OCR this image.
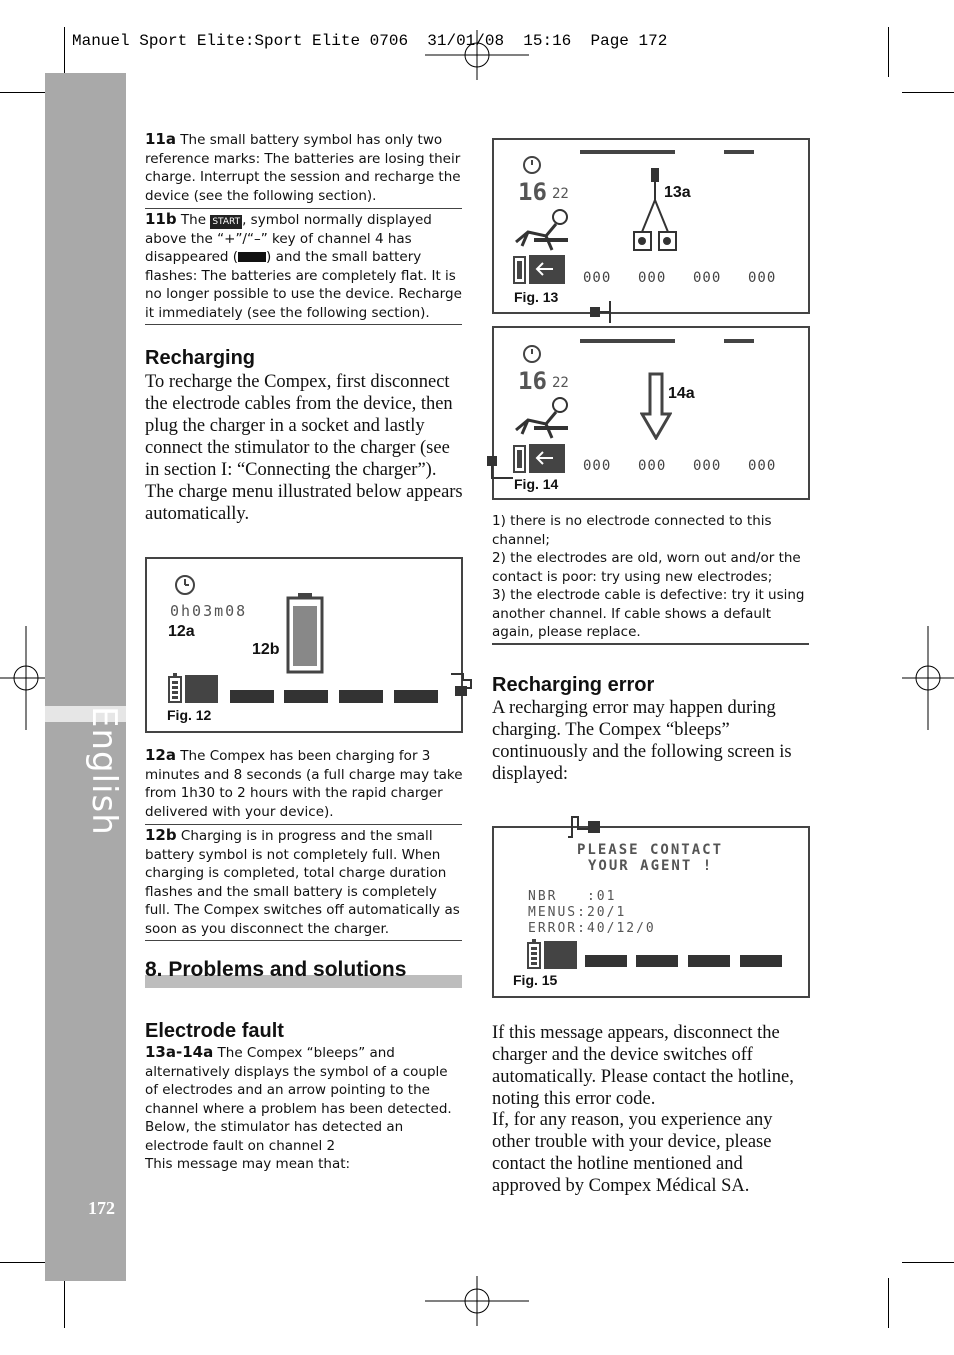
Manuel Sport Elite:Sport Elite 0706  31/01/08  15:16  Page 172
English
172
11a The small battery symbol has only two reference marks: The batteries are losing their charge. Interrupt the session and recharge the device (see the following section).
11b The START , symbol normally displayed above the “+”/“–” key of channel 4 has disappeared ( ) and the small battery flashes: The batteries are completely flat. It is no longer possible to use the device. Recharge it immediately (see the following section).
Recharging
To recharge the Compex, first disconnect the electrode cables from the device, then plug the charger in a socket and lastly connect the stimulator to the charger (see in section I: “Connecting the charger”). The charge menu illustrated below appears automatically.
0h03m08
12a
12b
Fig. 12
12a The Compex has been charging for 3 minutes and 8 seconds (a full charge may take from 1h30 to 2 hours with the rapid charger delivered with your device).
12b Charging is in progress and the small battery symbol is not completely full. When charging is completed, total charge duration flashes and the small battery is completely full. The Compex switches off automatically as soon as you disconnect the charger.
8. Problems and solutions
Electrode fault
13a-14a The Compex “bleeps” and alternatively displays the symbol of a couple of electrodes and an arrow pointing to the channel where a problem has been detected. Below, the stimulator has detected an electrode fault on channel 2
This message may mean that:
16 22	13a
000 000 000 000
Fig. 13
16 22
14a
000 000 000 000
Fig. 14
1) there is no electrode connected to this channel;
2) the electrodes are old, worn out and/or the contact is poor: try using new electrodes;
3) the electrode cable is defective: try it using another channel. If cable shows a default again, please replace.
Recharging error
A recharging error may happen during charging. The Compex “bleeps” continuously and the following screen is displayed:
PLEASE CONTACT
YOUR AGENT !
NBR   :01
MENUS:20/1
ERROR:40/12/0
Fig. 15
If this message appears, disconnect the charger and the device switches off automatically. Please contact the hotline, noting this error code.
If, for any reason, you experience any other trouble with your device, please contact the hotline mentioned and approved by Compex Médical SA.
